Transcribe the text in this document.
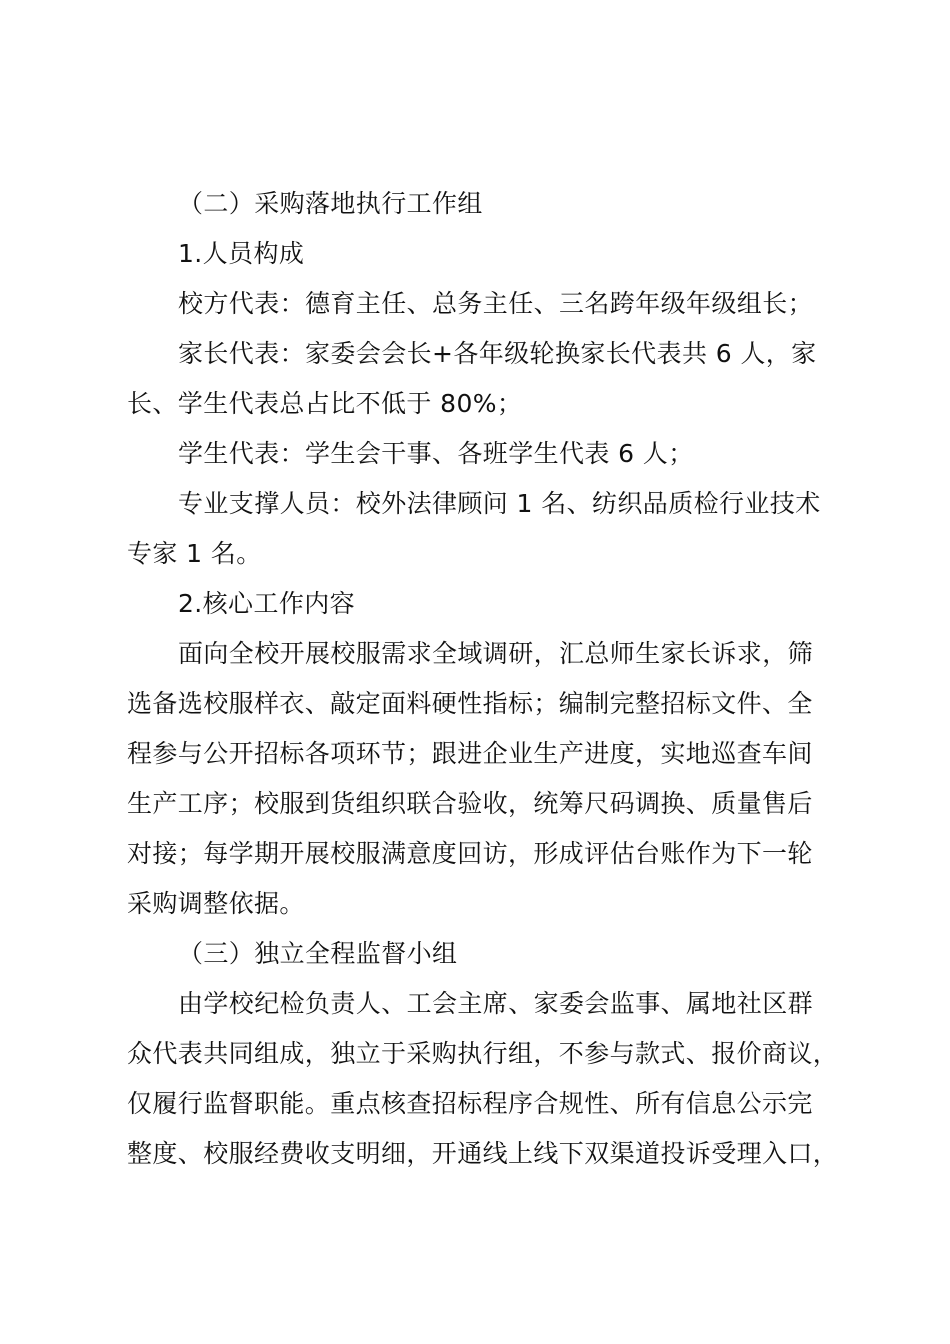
（二）采购落地执行工作组

1.人员构成

校方代表：德育主任、总务主任、三名跨年级年级组长；

家长代表：家委会会长+各年级轮换家长代表共 6 人，家

长、学生代表总占比不低于 80%；

学生代表：学生会干事、各班学生代表 6 人；

专业支撑人员：校外法律顾问 1 名、纺织品质检行业技术

专家 1 名。

2.核心工作内容

面向全校开展校服需求全域调研，汇总师生家长诉求，筛

选备选校服样衣、敲定面料硬性指标；编制完整招标文件、全

程参与公开招标各项环节；跟进企业生产进度，实地巡查车间

生产工序；校服到货组织联合验收，统筹尺码调换、质量售后

对接；每学期开展校服满意度回访，形成评估台账作为下一轮

采购调整依据。

（三）独立全程监督小组

由学校纪检负责人、工会主席、家委会监事、属地社区群

众代表共同组成，独立于采购执行组，不参与款式、报价商议，

仅履行监督职能。重点核查招标程序合规性、所有信息公示完

整度、校服经费收支明细，开通线上线下双渠道投诉受理入口，
